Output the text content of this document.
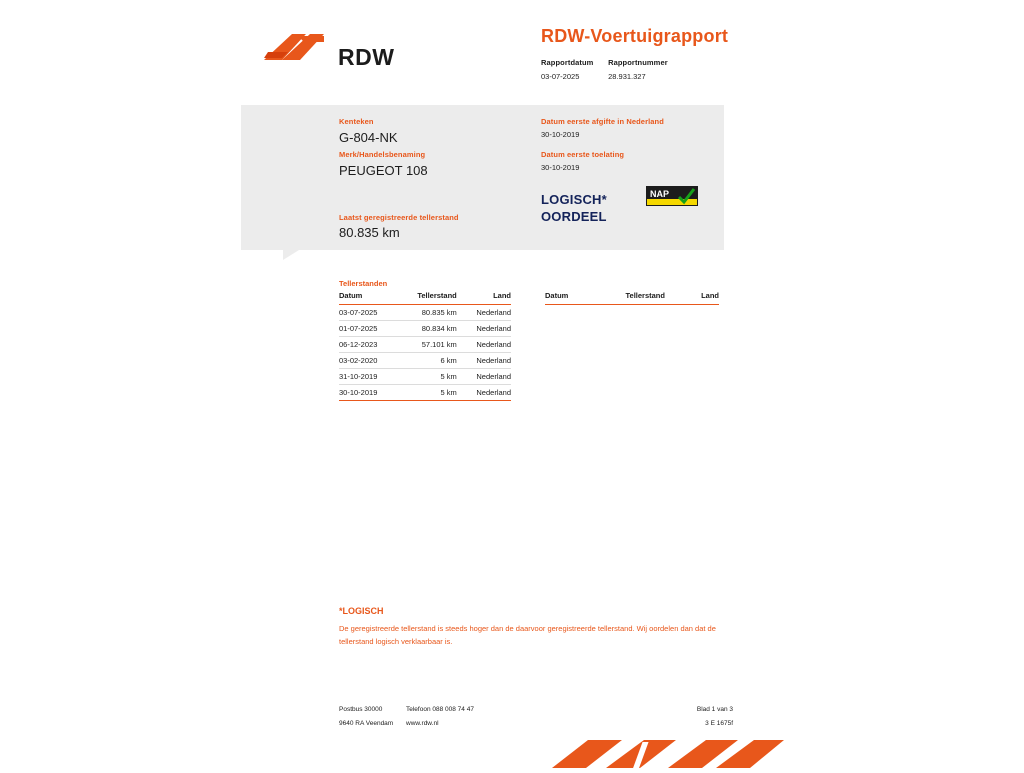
RDW
RDW-Voertuigrapport
Rapportdatum
03-07-2025

Rapportnummer
28.931.327
Kenteken
G-804-NK
Merk/Handelsbenaming
PEUGEOT 108
Laatst geregistreerde tellerstand
80.835 km
Datum eerste afgifte in Nederland
30-10-2019
Datum eerste toelating
30-10-2019
LOGISCH*
OORDEEL
NAP
Tellerstanden
Datum	Tellerstand	Land
03-07-2025	80.835 km	Nederland
01-07-2025	80.834 km	Nederland
06-12-2023	57.101 km	Nederland
03-02-2020	6 km	Nederland
31-10-2019	5 km	Nederland
30-10-2019	5 km	Nederland
Datum	Tellerstand	Land
*LOGISCH
De geregistreerde tellerstand is steeds hoger dan de daarvoor geregistreerde tellerstand. Wij oordelen dan dat de tellerstand logisch verklaarbaar is.
Postbus 30000
9640 RA Veendam
Telefoon 088 008 74 47
www.rdw.nl
Blad 1 van 3
3 E 1675f
